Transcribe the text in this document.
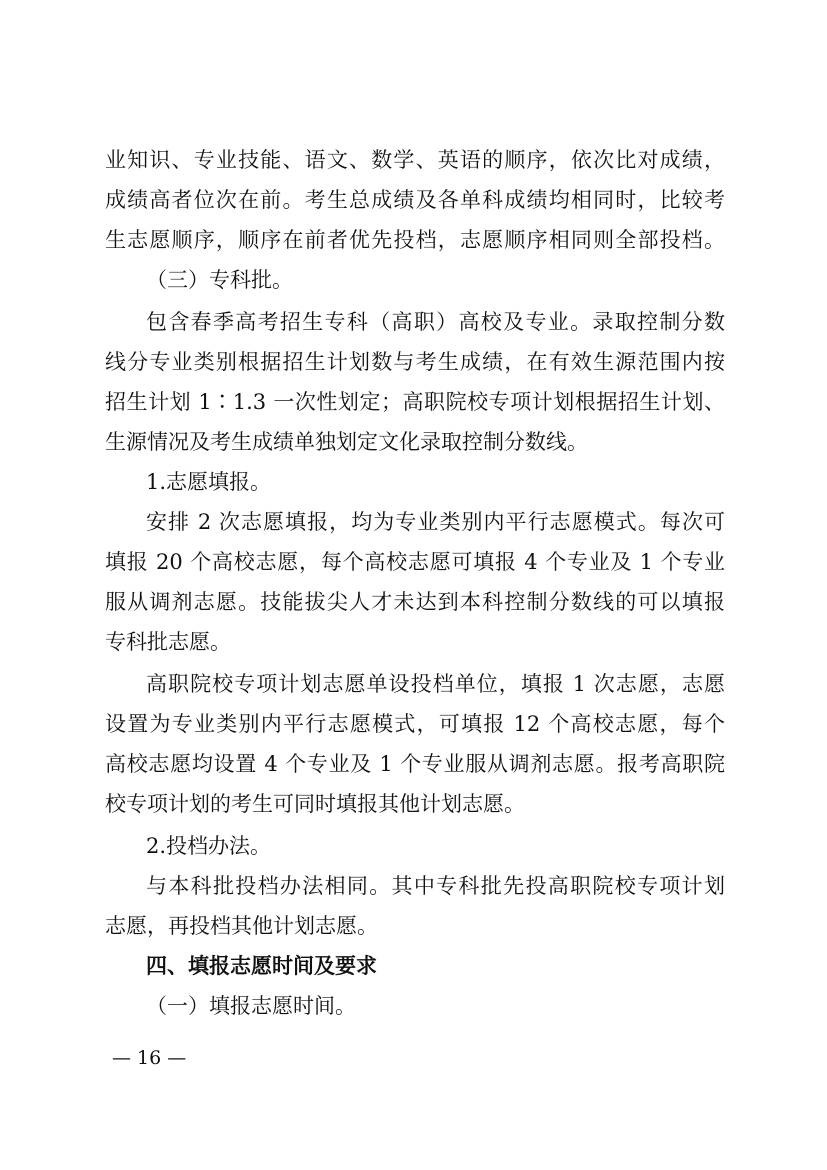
业知识、专业技能、语文、数学、英语的顺序，依次比对成绩，
成绩高者位次在前。考生总成绩及各单科成绩均相同时，比较考
生志愿顺序，顺序在前者优先投档，志愿顺序相同则全部投档。
（三）专科批。
包含春季高考招生专科（高职）高校及专业。录取控制分数
线分专业类别根据招生计划数与考生成绩，在有效生源范围内按
招生计划 1∶1.3 一次性划定；高职院校专项计划根据招生计划、
生源情况及考生成绩单独划定文化录取控制分数线。
1.志愿填报。
安排 2 次志愿填报，均为专业类别内平行志愿模式。每次可
填报 20 个高校志愿，每个高校志愿可填报 4 个专业及 1 个专业
服从调剂志愿。技能拔尖人才未达到本科控制分数线的可以填报
专科批志愿。
高职院校专项计划志愿单设投档单位，填报 1 次志愿，志愿
设置为专业类别内平行志愿模式，可填报 12 个高校志愿，每个
高校志愿均设置 4 个专业及 1 个专业服从调剂志愿。报考高职院
校专项计划的考生可同时填报其他计划志愿。
2.投档办法。
与本科批投档办法相同。其中专科批先投高职院校专项计划
志愿，再投档其他计划志愿。
四、填报志愿时间及要求
（一）填报志愿时间。
— 16 —
